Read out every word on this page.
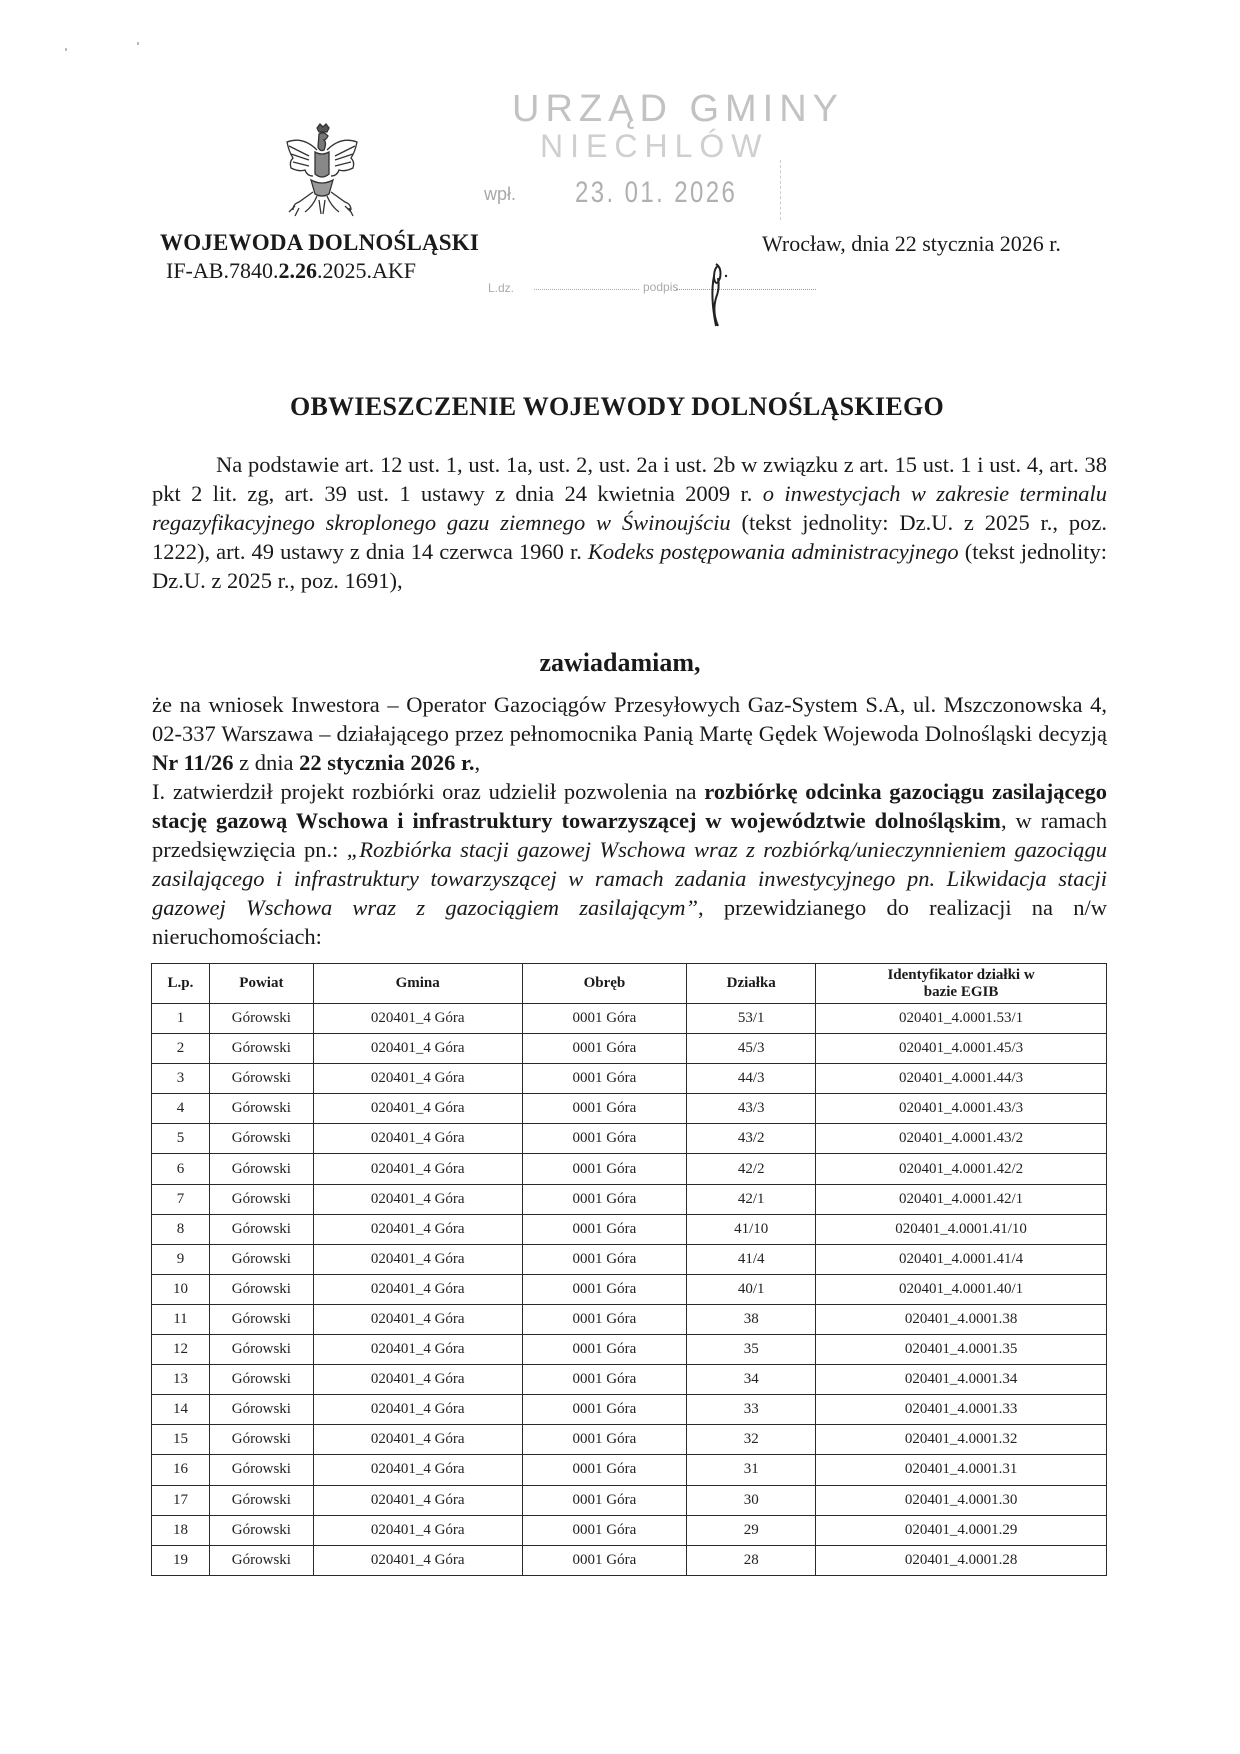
WOJEWODA DOLNOŚLĄSKI
IF-AB.7840.2.26.2025.AKF
Wrocław, dnia 22 stycznia 2026 r.
URZĄD GMINY
NIECHLÓW
wpł. 23. 01. 2026
L.dz.	podpis
OBWIESZCZENIE WOJEWODY DOLNOŚLĄSKIEGO
Na podstawie art. 12 ust. 1, ust. 1a, ust. 2, ust. 2a i ust. 2b w związku z art. 15 ust. 1 i ust. 4, art. 38 pkt 2 lit. zg, art. 39 ust. 1 ustawy z dnia 24 kwietnia 2009 r. o inwestycjach w zakresie terminalu regazyfikacyjnego skroplonego gazu ziemnego w Świnoujściu (tekst jednolity: Dz.U. z 2025 r., poz. 1222), art. 49 ustawy z dnia 14 czerwca 1960 r. Kodeks postępowania administracyjnego (tekst jednolity: Dz.U. z 2025 r., poz. 1691),
zawiadamiam,
że na wniosek Inwestora – Operator Gazociągów Przesyłowych Gaz-System S.A, ul. Mszczonowska 4, 02-337 Warszawa – działającego przez pełnomocnika Panią Martę Gędek Wojewoda Dolnośląski decyzją Nr 11/26 z dnia 22 stycznia 2026 r.,
I. zatwierdził projekt rozbiórki oraz udzielił pozwolenia na rozbiórkę odcinka gazociągu zasilającego stację gazową Wschowa i infrastruktury towarzyszącej w województwie dolnośląskim, w ramach przedsięwzięcia pn.: „Rozbiórka stacji gazowej Wschowa wraz z rozbiórką/unieczynnieniem gazociągu zasilającego i infrastruktury towarzyszącej w ramach zadania inwestycyjnego pn. Likwidacja stacji gazowej Wschowa wraz z gazociągiem zasilającym”, przewidzianego do realizacji na n/w nieruchomościach:
L.p.	Powiat	Gmina	Obręb	Działka	Identyfikator działki w bazie EGIB
1	Górowski	020401_4 Góra	0001 Góra	53/1	020401_4.0001.53/1
2	Górowski	020401_4 Góra	0001 Góra	45/3	020401_4.0001.45/3
3	Górowski	020401_4 Góra	0001 Góra	44/3	020401_4.0001.44/3
4	Górowski	020401_4 Góra	0001 Góra	43/3	020401_4.0001.43/3
5	Górowski	020401_4 Góra	0001 Góra	43/2	020401_4.0001.43/2
6	Górowski	020401_4 Góra	0001 Góra	42/2	020401_4.0001.42/2
7	Górowski	020401_4 Góra	0001 Góra	42/1	020401_4.0001.42/1
8	Górowski	020401_4 Góra	0001 Góra	41/10	020401_4.0001.41/10
9	Górowski	020401_4 Góra	0001 Góra	41/4	020401_4.0001.41/4
10	Górowski	020401_4 Góra	0001 Góra	40/1	020401_4.0001.40/1
11	Górowski	020401_4 Góra	0001 Góra	38	020401_4.0001.38
12	Górowski	020401_4 Góra	0001 Góra	35	020401_4.0001.35
13	Górowski	020401_4 Góra	0001 Góra	34	020401_4.0001.34
14	Górowski	020401_4 Góra	0001 Góra	33	020401_4.0001.33
15	Górowski	020401_4 Góra	0001 Góra	32	020401_4.0001.32
16	Górowski	020401_4 Góra	0001 Góra	31	020401_4.0001.31
17	Górowski	020401_4 Góra	0001 Góra	30	020401_4.0001.30
18	Górowski	020401_4 Góra	0001 Góra	29	020401_4.0001.29
19	Górowski	020401_4 Góra	0001 Góra	28	020401_4.0001.28
